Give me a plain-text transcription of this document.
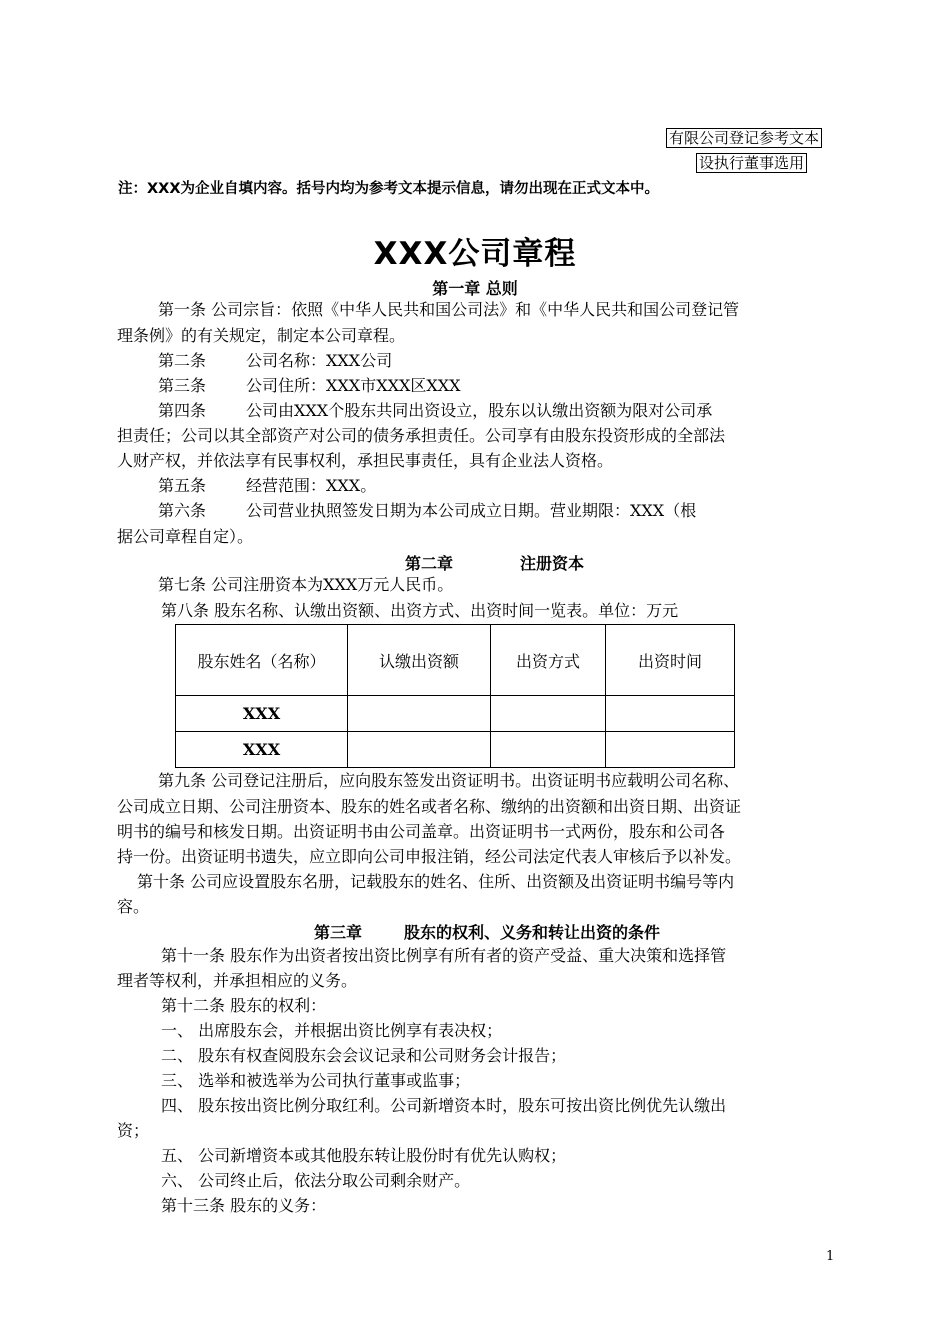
有限公司登记参考文本
设执行董事选用
注：XXX为企业自填内容。括号内均为参考文本提示信息，请勿出现在正式文本中。
XXX公司章程
第一章 总则
第一条 公司宗旨：依照《中华人民共和国公司法》和《中华人民共和国公司登记管
理条例》的有关规定，制定本公司章程。
第二条	公司名称：XXX公司
第三条	公司住所：XXX市XXX区XXX
第四条	公司由XXX个股东共同出资设立，股东以认缴出资额为限对公司承
担责任；公司以其全部资产对公司的债务承担责任。公司享有由股东投资形成的全部法
人财产权，并依法享有民事权利，承担民事责任，具有企业法人资格。
第五条	经营范围：XXX。
第六条	公司营业执照签发日期为本公司成立日期。营业期限：XXX（根
据公司章程自定）。
第二章	注册资本
第七条 公司注册资本为XXX万元人民币。
第八条 股东名称、认缴出资额、出资方式、出资时间一览表。单位：万元
股东姓名（名称）	认缴出资额	出资方式	出资时间
XXX			
XXX			
第九条 公司登记注册后，应向股东签发出资证明书。出资证明书应载明公司名称、
公司成立日期、公司注册资本、股东的姓名或者名称、缴纳的出资额和出资日期、出资证
明书的编号和核发日期。出资证明书由公司盖章。出资证明书一式两份，股东和公司各
持一份。出资证明书遗失，应立即向公司申报注销，经公司法定代表人审核后予以补发。
第十条 公司应设置股东名册，记载股东的姓名、住所、出资额及出资证明书编号等内
容。
第三章	股东的权利、义务和转让出资的条件
第十一条 股东作为出资者按出资比例享有所有者的资产受益、重大决策和选择管
理者等权利，并承担相应的义务。
第十二条 股东的权利：
一、 出席股东会，并根据出资比例享有表决权；
二、 股东有权查阅股东会会议记录和公司财务会计报告；
三、 选举和被选举为公司执行董事或监事；
四、 股东按出资比例分取红利。公司新增资本时，股东可按出资比例优先认缴出
资；
五、 公司新增资本或其他股东转让股份时有优先认购权；
六、 公司终止后，依法分取公司剩余财产。
第十三条 股东的义务：
1
